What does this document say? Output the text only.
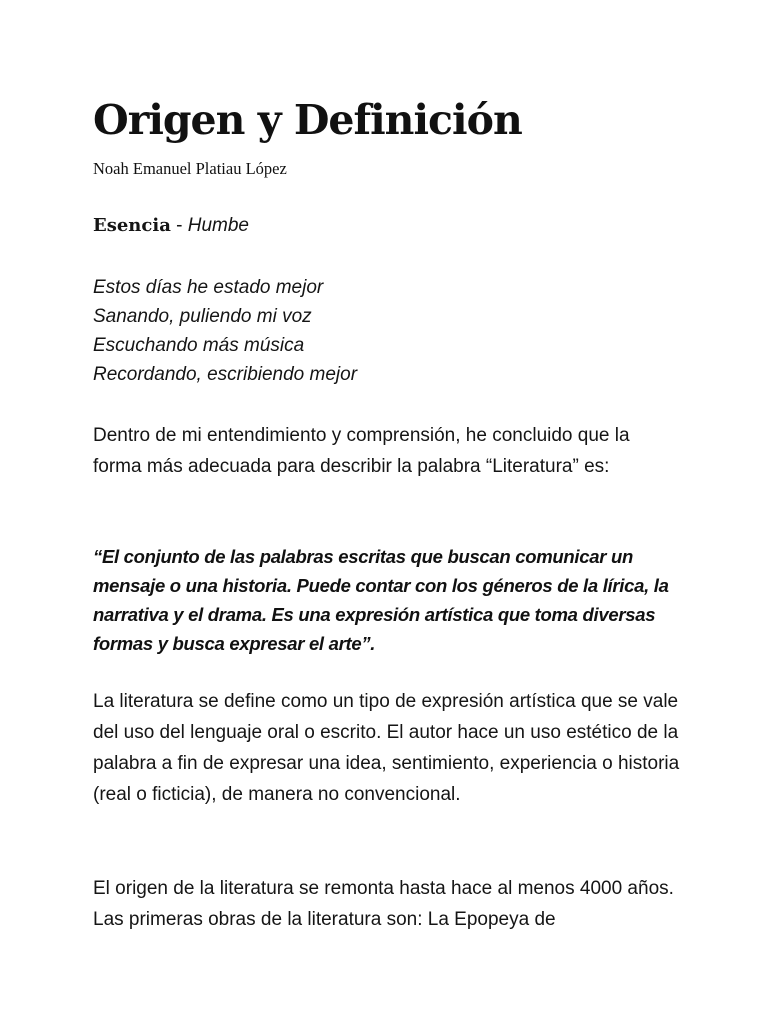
Origen y Definición
Noah Emanuel Platiau López
Esencia - Humbe
Estos días he estado mejor
Sanando, puliendo mi voz
Escuchando más música
Recordando, escribiendo mejor

Dentro de mi entendimiento y comprensión, he concluido que la forma más adecuada para describir la palabra “Literatura” es:

“El conjunto de las palabras escritas que buscan comunicar un mensaje o una historia. Puede contar con los géneros de la lírica, la narrativa y el drama. Es una expresión artística que toma diversas formas y busca expresar el arte”.

La literatura se define como un tipo de expresión artística que se vale del uso del lenguaje oral o escrito. El autor hace un uso estético de la palabra a fin de expresar una idea, sentimiento, experiencia o historia (real o ficticia), de manera no convencional.

El origen de la literatura se remonta hasta hace al menos 4000 años. Las primeras obras de la literatura son: La Epopeya de
